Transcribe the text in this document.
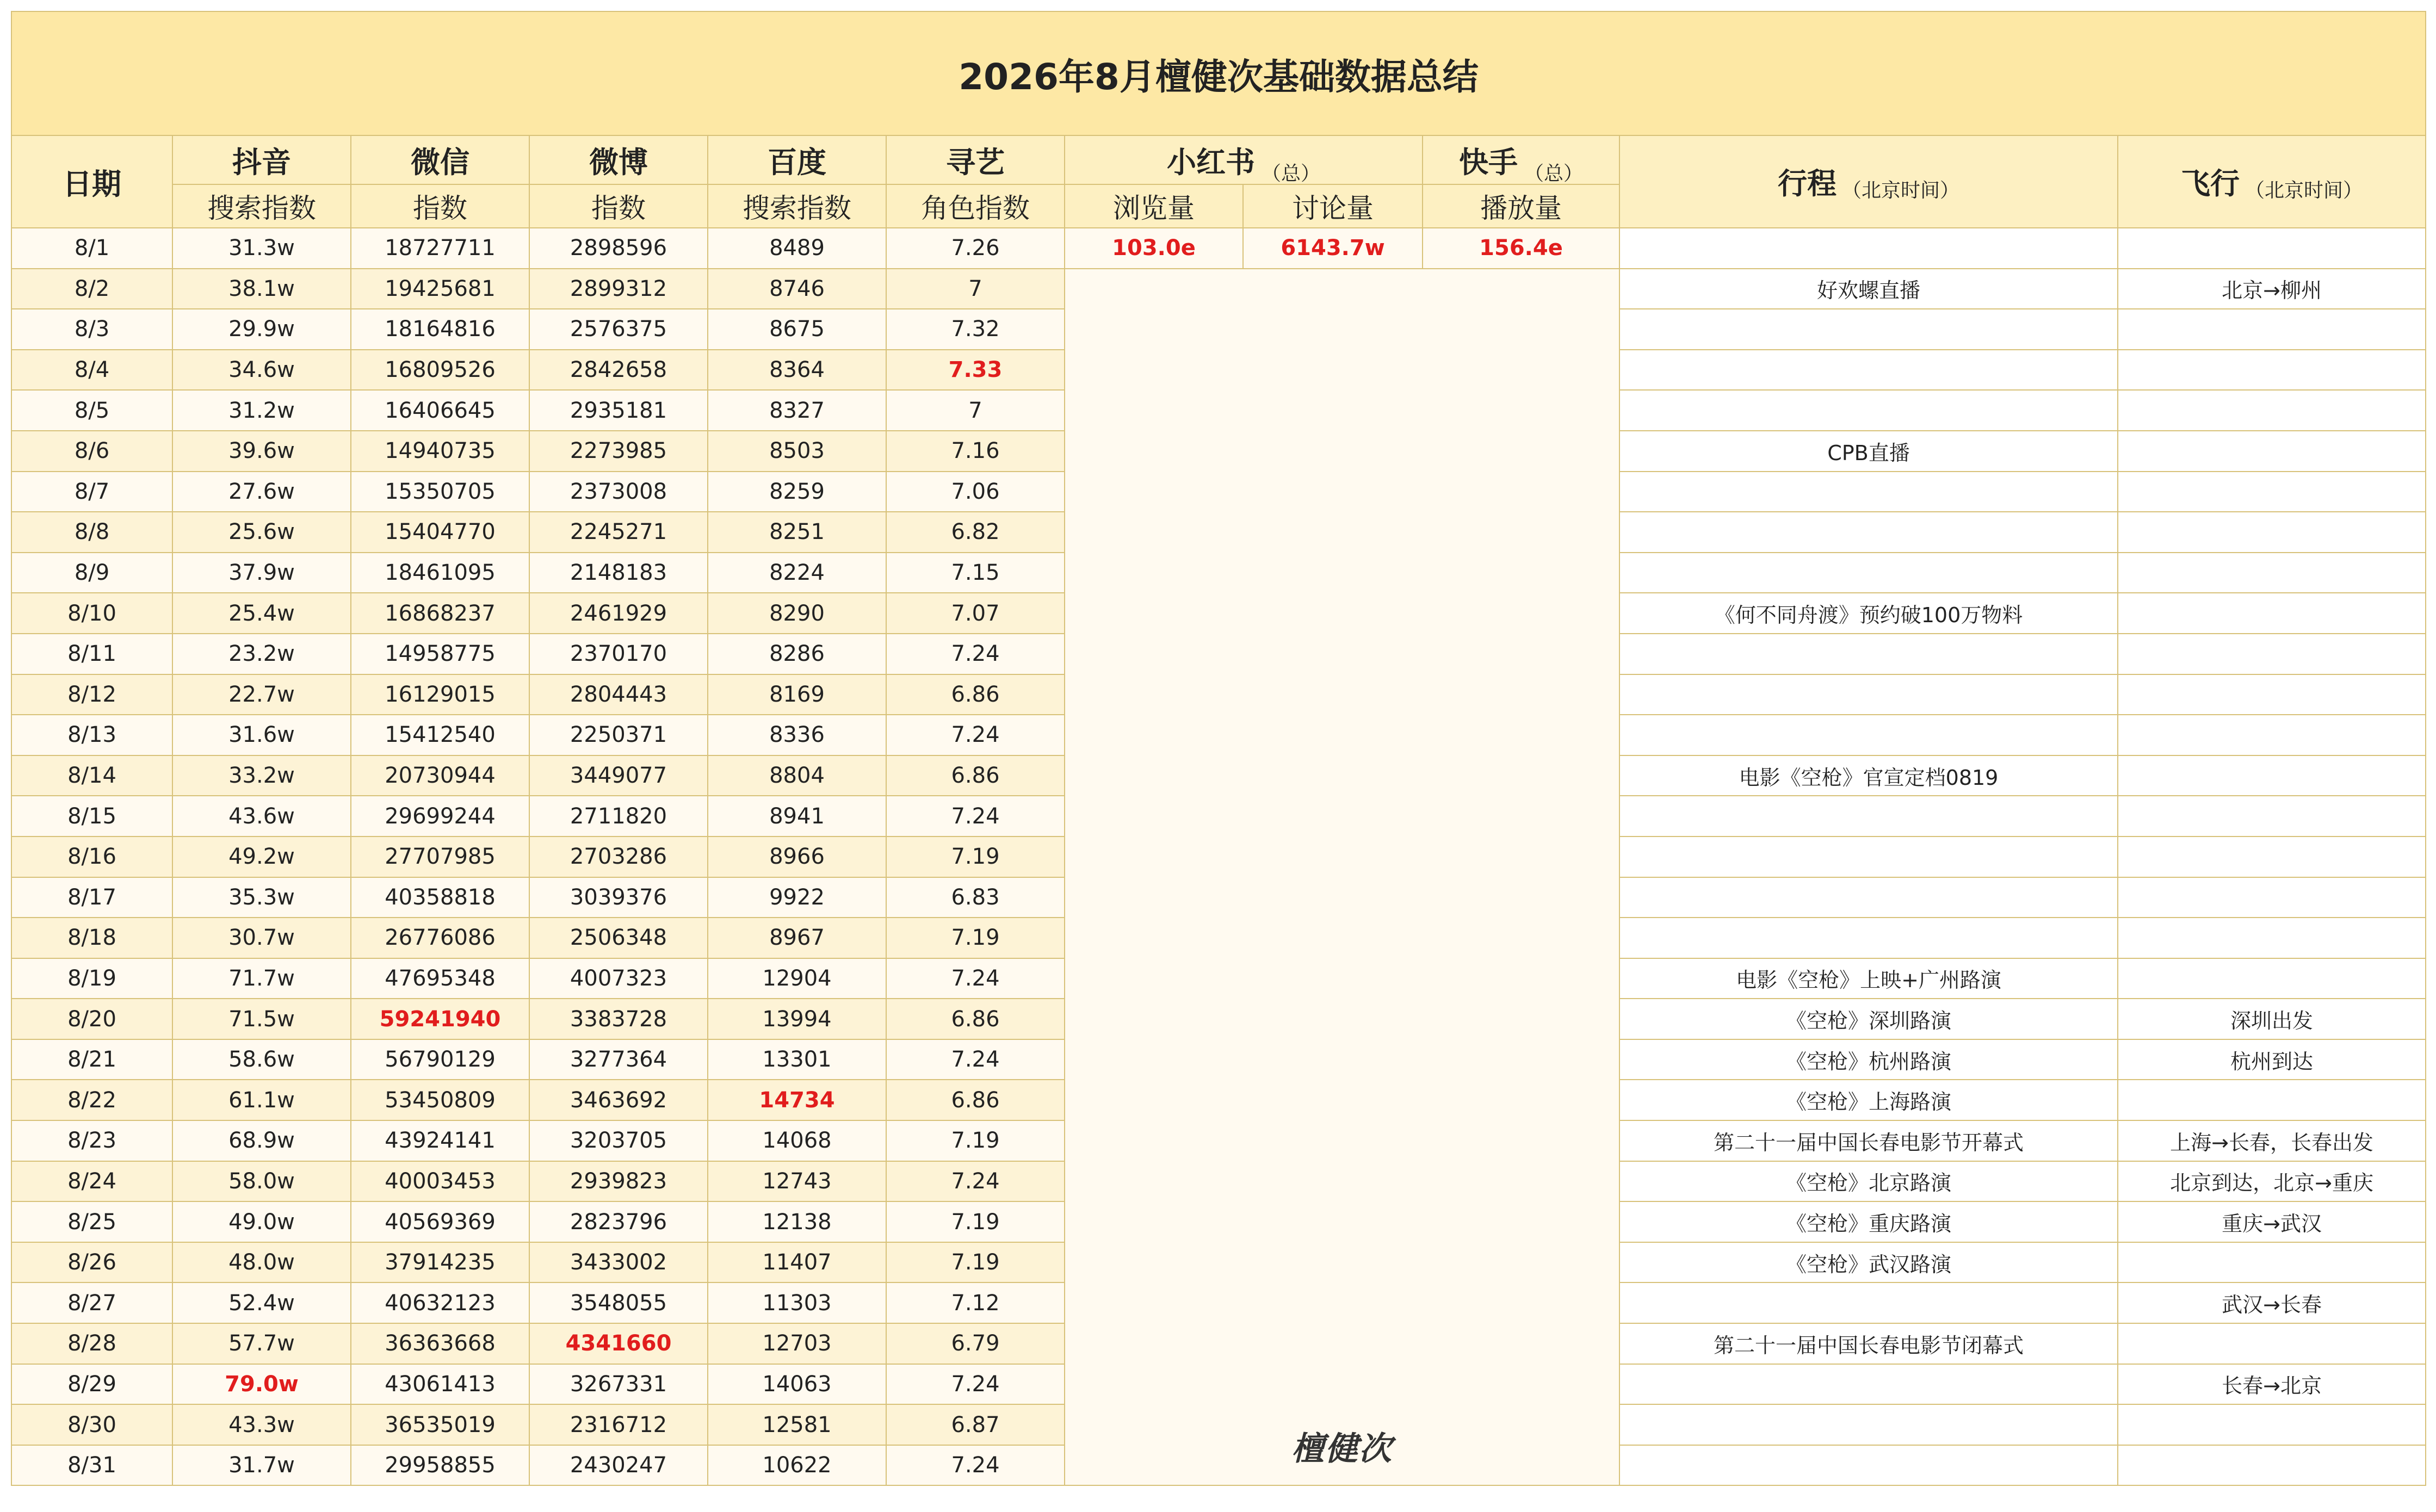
2026年8月檀健次基础数据总结										
日期	抖音	微信	微博	百度	寻艺	小红书 $_{(总)}$		快手 $_{(总)}$	行程 （北京时间）	飞行 （北京时间）
	搜索指数	指数	指数	搜索指数	角色指数	浏览量	讨论量	播放量		
8/1	31.3w	18727711	2898596	8489	7.26	103.0e	6143.7w	156.4e		
8/2	38.1w	19425681	2899312	8746	7	檀健次			好欢螺直播	北京→柳州
8/3	29.9w	18164816	2576375	8675	7.32					
8/4	34.6w	16809526	2842658	8364	7.33					
8/5	31.2w	16406645	2935181	8327	7					
8/6	39.6w	14940735	2273985	8503	7.16				CPB直播	
8/7	27.6w	15350705	2373008	8259	7.06					
8/8	25.6w	15404770	2245271	8251	6.82					
8/9	37.9w	18461095	2148183	8224	7.15					
8/10	25.4w	16868237	2461929	8290	7.07				《何不同舟渡》预约破100万物料	
8/11	23.2w	14958775	2370170	8286	7.24					
8/12	22.7w	16129015	2804443	8169	6.86					
8/13	31.6w	15412540	2250371	8336	7.24					
8/14	33.2w	20730944	3449077	8804	6.86				电影《空枪》官宣定档0819	
8/15	43.6w	29699244	2711820	8941	7.24					
8/16	49.2w	27707985	2703286	8966	7.19					
8/17	35.3w	40358818	3039376	9922	6.83					
8/18	30.7w	26776086	2506348	8967	7.19					
8/19	71.7w	47695348	4007323	12904	7.24				电影《空枪》上映+广州路演	
8/20	71.5w	59241940	3383728	13994	6.86				《空枪》深圳路演	深圳出发
8/21	58.6w	56790129	3277364	13301	7.24				《空枪》杭州路演	杭州到达
8/22	61.1w	53450809	3463692	14734	6.86				《空枪》上海路演	
8/23	68.9w	43924141	3203705	14068	7.19				第二十一届中国长春电影节开幕式	上海→长春，长春出发
8/24	58.0w	40003453	2939823	12743	7.24				《空枪》北京路演	北京到达，北京→重庆
8/25	49.0w	40569369	2823796	12138	7.19				《空枪》重庆路演	重庆→武汉
8/26	48.0w	37914235	3433002	11407	7.19				《空枪》武汉路演	
8/27	52.4w	40632123	3548055	11303	7.12					武汉→长春
8/28	57.7w	36363668	4341660	12703	6.79				第二十一届中国长春电影节闭幕式	
8/29	79.0w	43061413	3267331	14063	7.24					长春→北京
8/30	43.3w	36535019	2316712	12581	6.87					
8/31	31.7w	29958855	2430247	10622	7.24					
